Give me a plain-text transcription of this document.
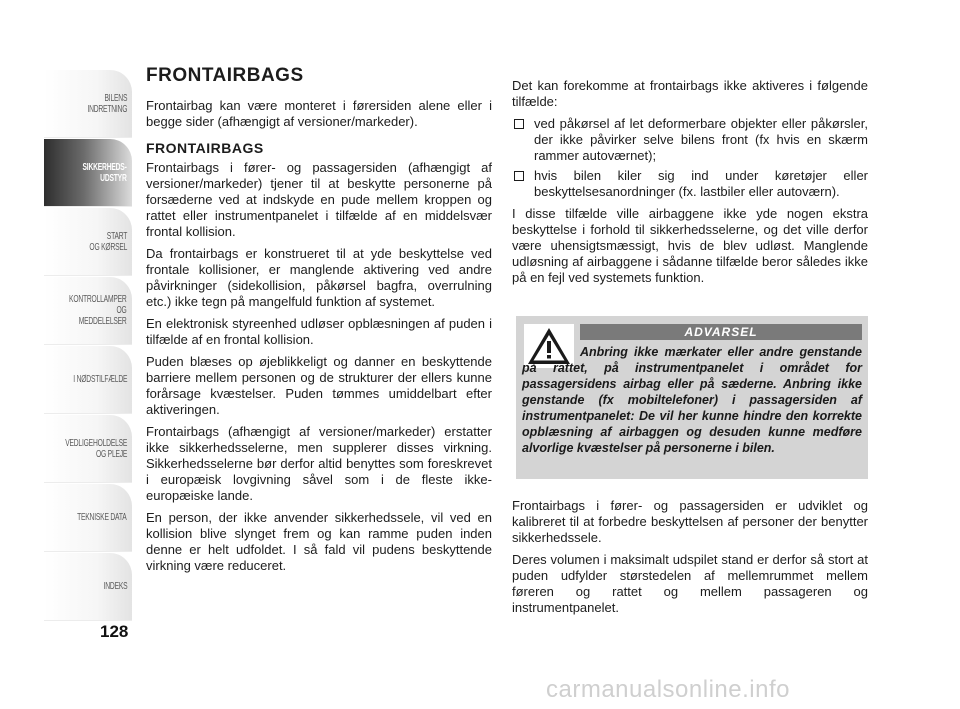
BILENS
INDRETNING
SIKKERHEDS-
UDSTYR
START
OG KØRSEL
KONTROLLAMPER
OG MEDDELELSER
I NØDSTILFÆLDE
VEDLIGEHOLDELSE
OG PLEJE
TEKNISKE DATA
INDEKS
128
FRONTAIRBAGS

Frontairbag kan være monteret i førersiden alene eller i begge sider (afhængigt af versioner/markeder).

FRONTAIRBAGS

Frontairbags i fører- og passagersiden (afhængigt af versioner/markeder) tjener til at beskytte personerne på forsæderne ved at indskyde en pude mellem kroppen og rattet eller instrumentpanelet i tilfælde af en middelsvær frontal kollision.

Da frontairbags er konstrueret til at yde beskyttelse ved frontale kollisioner, er manglende aktivering ved andre påvirkninger (sidekollision, påkørsel bagfra, overrulning etc.) ikke tegn på mangelfuld funktion af systemet.

En elektronisk styreenhed udløser opblæsningen af puden i tilfælde af en frontal kollision.

Puden blæses op øjeblikkeligt og danner en beskyttende barriere mellem personen og de strukturer der ellers kunne forårsage kvæstelser. Puden tømmes umiddelbart efter aktiveringen.

Frontairbags (afhængigt af versioner/markeder) erstatter ikke sikkerhedsselerne, men supplerer disses virkning. Sikkerhedsselerne bør derfor altid benyttes som foreskrevet i europæisk lovgivning såvel som i de fleste ikke-europæiske lande.

En person, der ikke anvender sikkerhedssele, vil ved en kollision blive slynget frem og kan ramme puden inden denne er helt udfoldet. I så fald vil pudens beskyttende virkning være reduceret.

Det kan forekomme at frontairbags ikke aktiveres i følgende tilfælde:

ved påkørsel af let deformerbare objekter eller påkørsler, der ikke påvirker selve bilens front (fx hvis en skærm rammer autoværnet);
hvis bilen kiler sig ind under køretøjer eller beskyttelsesanordninger (fx. lastbiler eller autoværn).

I disse tilfælde ville airbaggene ikke yde nogen ekstra beskyttelse i forhold til sikkerhedsselerne, og det ville derfor være uhensigtsmæssigt, hvis de blev udløst. Manglende udløsning af airbaggene i sådanne tilfælde beror således ikke på en fejl ved systemets funktion.

ADVARSEL
Anbring ikke mærkater eller andre genstande på rattet, på instrumentpanelet i området for passagersidens airbag eller på sæderne. Anbring ikke genstande (fx mobiltelefoner) i passagersiden af instrumentpanelet: De vil her kunne hindre den korrekte opblæsning af airbaggen og desuden kunne medføre alvorlige kvæstelser på personerne i bilen.

Frontairbags i fører- og passagersiden er udviklet og kalibreret til at forbedre beskyttelsen af personer der benytter sikkerhedssele.

Deres volumen i maksimalt udspilet stand er derfor så stort at puden udfylder størstedelen af mellemrummet mellem føreren og rattet og mellem passageren og instrumentpanelet.

carmanualsonline.info
